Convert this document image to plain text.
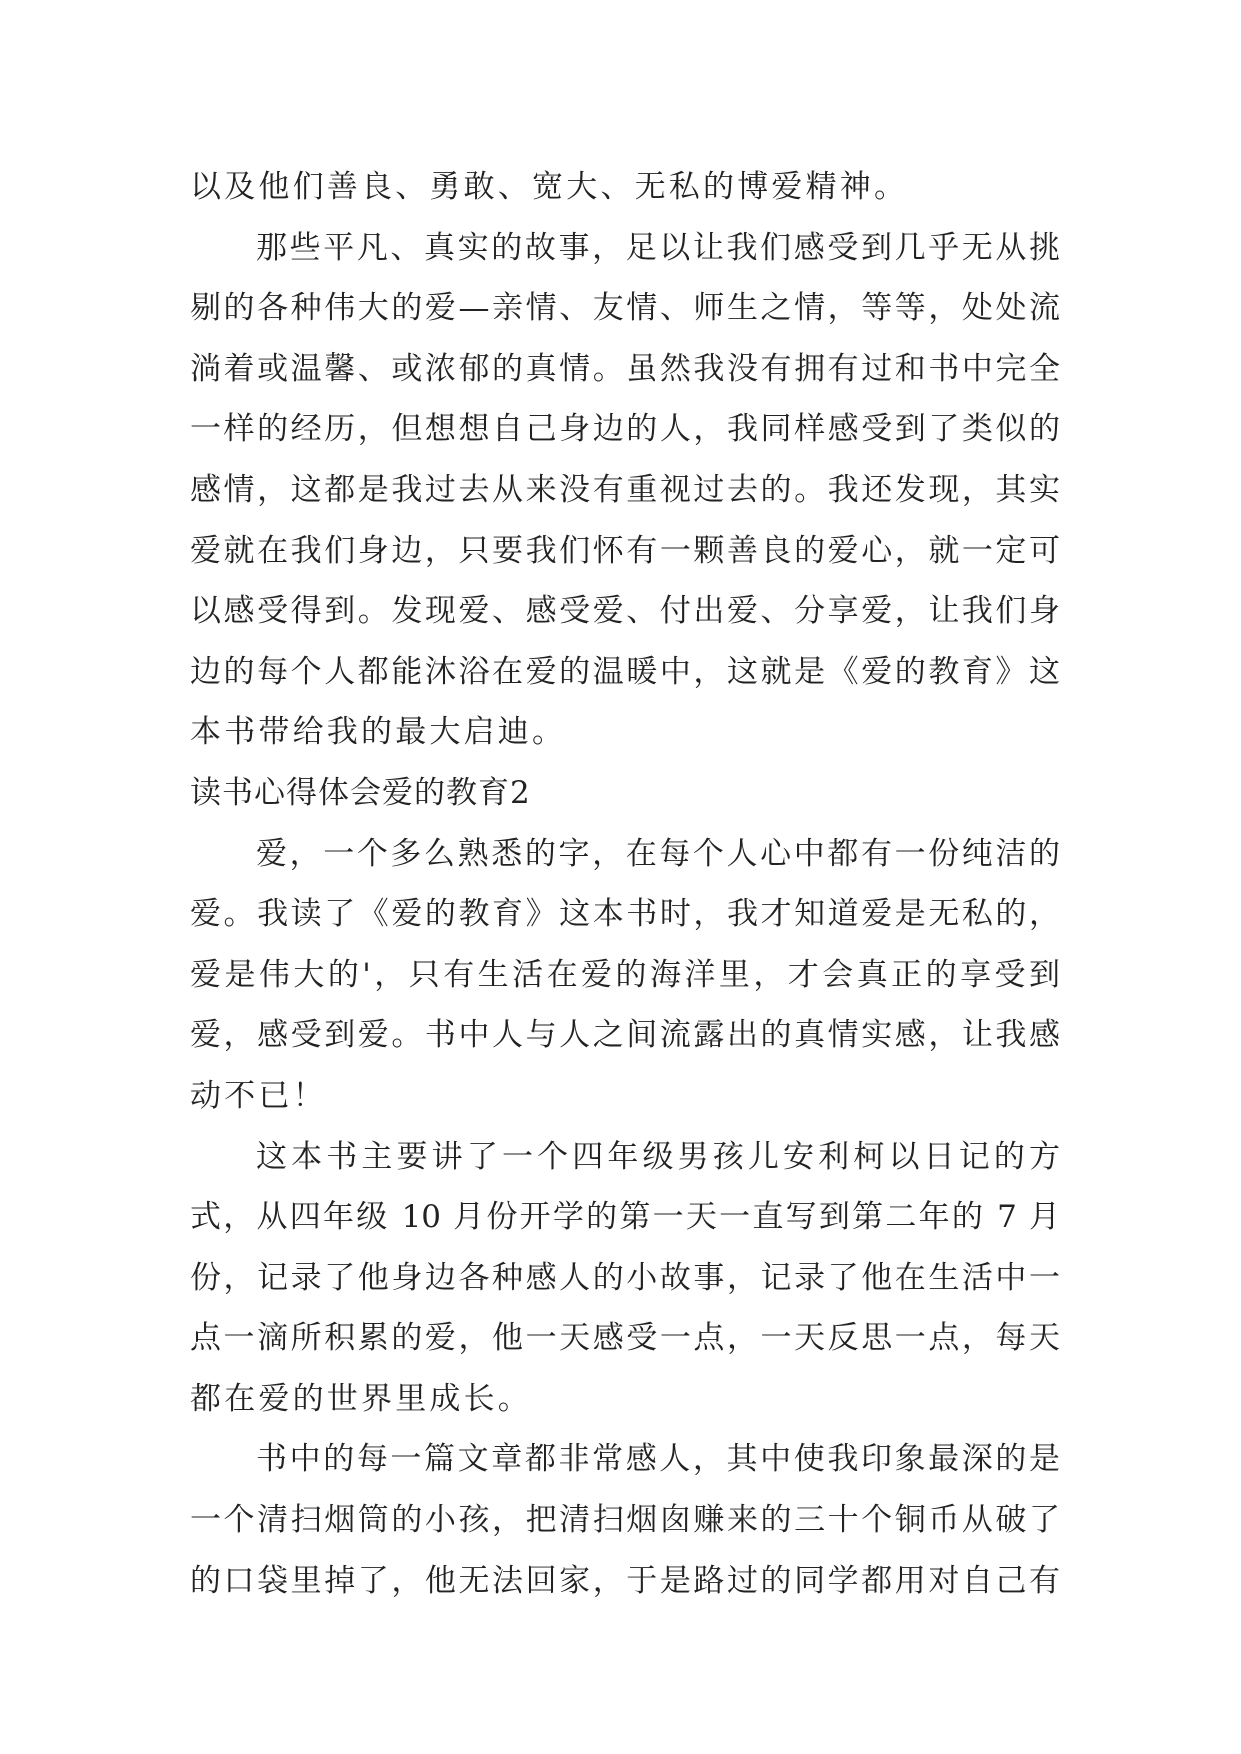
以及他们善良、勇敢、宽大、无私的博爱精神。
那些平凡、真实的故事，足以让我们感受到几乎无从挑
剔的各种伟大的爱—亲情、友情、师生之情，等等，处处流
淌着或温馨、或浓郁的真情。虽然我没有拥有过和书中完全
一样的经历，但想想自己身边的人，我同样感受到了类似的
感情，这都是我过去从来没有重视过去的。我还发现，其实
爱就在我们身边，只要我们怀有一颗善良的爱心，就一定可
以感受得到。发现爱、感受爱、付出爱、分享爱，让我们身
边的每个人都能沐浴在爱的温暖中，这就是《爱的教育》这
本书带给我的最大启迪。
读书心得体会爱的教育2
爱，一个多么熟悉的字，在每个人心中都有一份纯洁的
爱。我读了《爱的教育》这本书时，我才知道爱是无私的，
爱是伟大的'，只有生活在爱的海洋里，才会真正的享受到
爱，感受到爱。书中人与人之间流露出的真情实感，让我感
动不已！
这本书主要讲了一个四年级男孩儿安利柯以日记的方
式，从四年级 10 月份开学的第一天一直写到第二年的 7 月
份，记录了他身边各种感人的小故事，记录了他在生活中一
点一滴所积累的爱，他一天感受一点，一天反思一点，每天
都在爱的世界里成长。
书中的每一篇文章都非常感人，其中使我印象最深的是
一个清扫烟筒的小孩，把清扫烟囱赚来的三十个铜币从破了
的口袋里掉了，他无法回家，于是路过的同学都用对自己有
